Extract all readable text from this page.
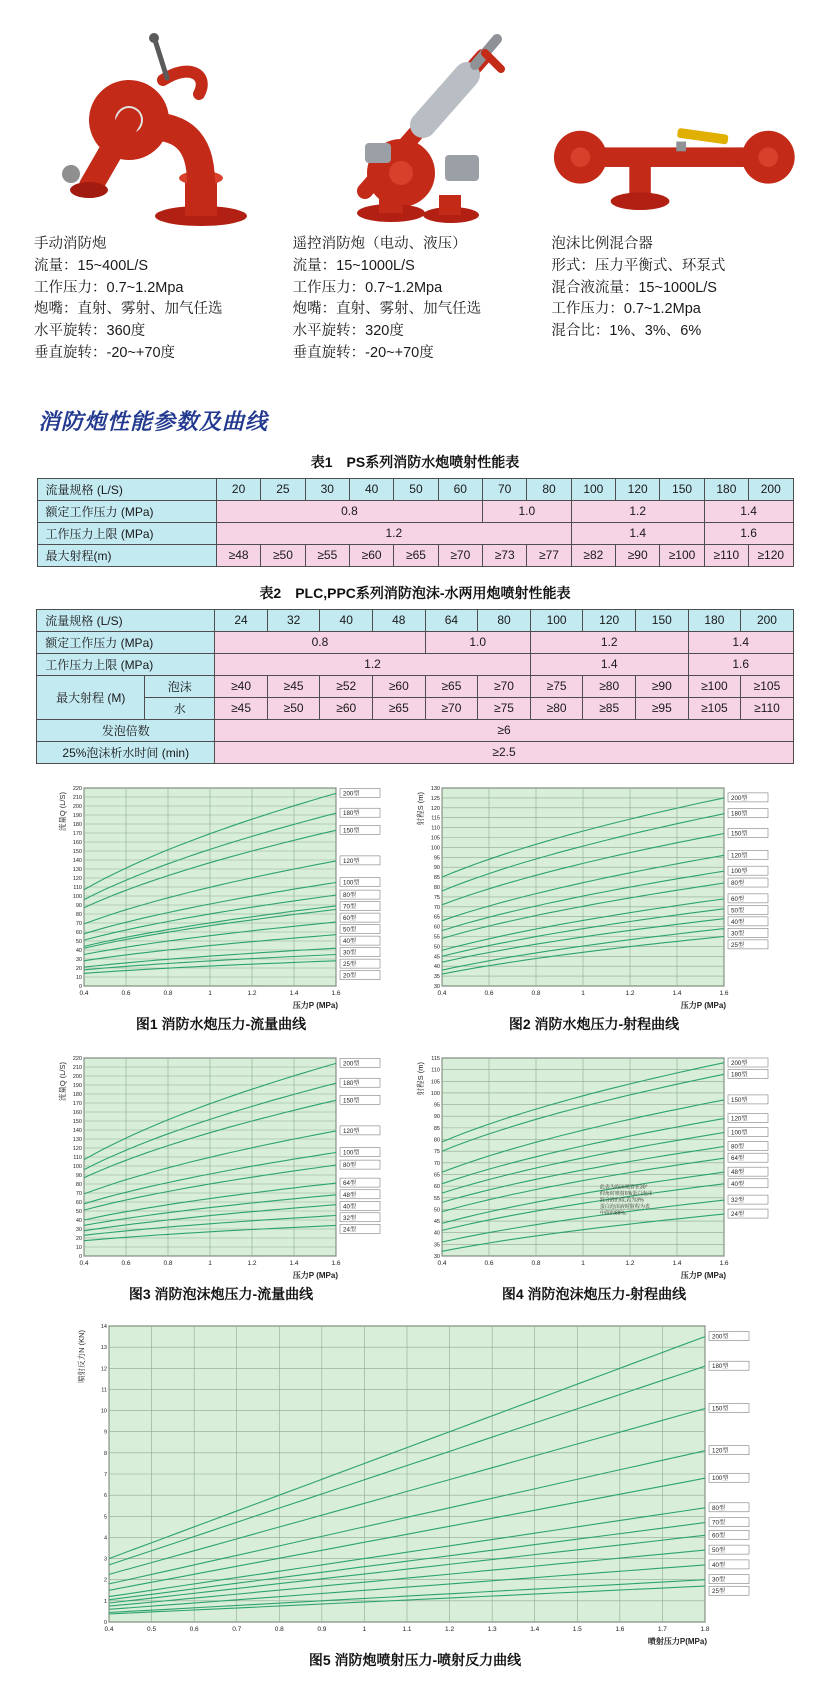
手动消防炮
流量：15~400L/S
工作压力：0.7~1.2Mpa
炮嘴：直射、雾射、加气任选
水平旋转：360度
垂直旋转：-20~+70度
遥控消防炮（电动、液压）
流量：15~1000L/S
工作压力：0.7~1.2Mpa
炮嘴：直射、雾射、加气任选
水平旋转：320度
垂直旋转：-20~+70度
泡沫比例混合器
形式：压力平衡式、环泵式
混合液流量：15~1000L/S
工作压力：0.7~1.2Mpa
混合比：1%、3%、6%
消防炮性能参数及曲线
表1　PS系列消防水炮喷射性能表
流量规格 (L/S)	20	25	30	40	50	60	70	80	100	120	150	180	200
额定工作压力 (MPa)	0.8						1.0		1.2			1.4	
工作压力上限 (MPa)	1.2								1.4			1.6	
最大射程(m)	≥48	≥50	≥55	≥60	≥65	≥70	≥73	≥77	≥82	≥90	≥100	≥110	≥120
表2　PLC,PPC系列消防泡沫-水两用炮喷射性能表
流量规格 (L/S)		24	32	40	48	64	80	100	120	150	180	200
额定工作压力 (MPa)		0.8				1.0		1.2			1.4	
工作压力上限 (MPa)		1.2						1.4			1.6	
最大射程 (M)	泡沫	≥40	≥45	≥52	≥60	≥65	≥70	≥75	≥80	≥90	≥100	≥105
	水	≥45	≥50	≥60	≥65	≥70	≥75	≥80	≥85	≥95	≥105	≥110
发泡倍数		≥6										
25%泡沫析水时间 (min)		≥2.5										
0.4	0.6	0.8	1	1.2	1.4	1.6
0
10
20
30
40
50
60
70
80
90
100
110
120
130
140
150
160
170
180
190
200
210
220
200型
180型
150型
120型
100型
80型
70型
60型
50型
40型
30型
25型
20型
流量Q (L/S)
压力P (MPa)
图1 消防水炮压力-流量曲线
0.4	0.6	0.8	1	1.2	1.4	1.6
30
35
40
45
50
55
60
65
70
75
80
85
90
95
100
105
110
115
120
125
130
200型
180型
150型
120型
100型
80型
60型
50型
40型
30型
25型
射程S (m)
压力P (MPa)
图2 消防水炮压力-射程曲线
0.4	0.6	0.8	1	1.2	1.4	1.6
0
10
20
30
40
50
60
70
80
90
100
110
120
130
140
150
160
170
180
190
200
210
220
200型
180型
150型
120型
100型
80型
64型
48型
40型
32型
24型
流量Q (L/S)
压力P (MPa)
图3 消防泡沫炮压力-流量曲线
0.4	0.6	0.8	1	1.2	1.4	1.6
30
35
40
45
50
55
60
65
70
75
80
85
90
95
100
105
110
115
200型
180型
150型
120型
100型
80型
64型
48型
40型
32型
24型
射程S (m)
压力P (MPa)
此表为泡沫喷管在30°
仰角时喷射6%蛋白泡沫
混合液的值,若为3%
蛋白泡沫液时射程为表
中值的88%。
图4 消防泡沫炮压力-射程曲线
0.4	0.5	0.6	0.7	0.8	0.9	1	1.1	1.2	1.3	1.4	1.5	1.6	1.7	1.8
0
1
2
3
4
5
6
7
8
9
10
11
12
13
14
200型
180型
150型
120型
100型
80型
70型
60型
50型
40型
30型
25型
喷射反力N (KN)
喷射压力P(MPa)
图5 消防炮喷射压力-喷射反力曲线
